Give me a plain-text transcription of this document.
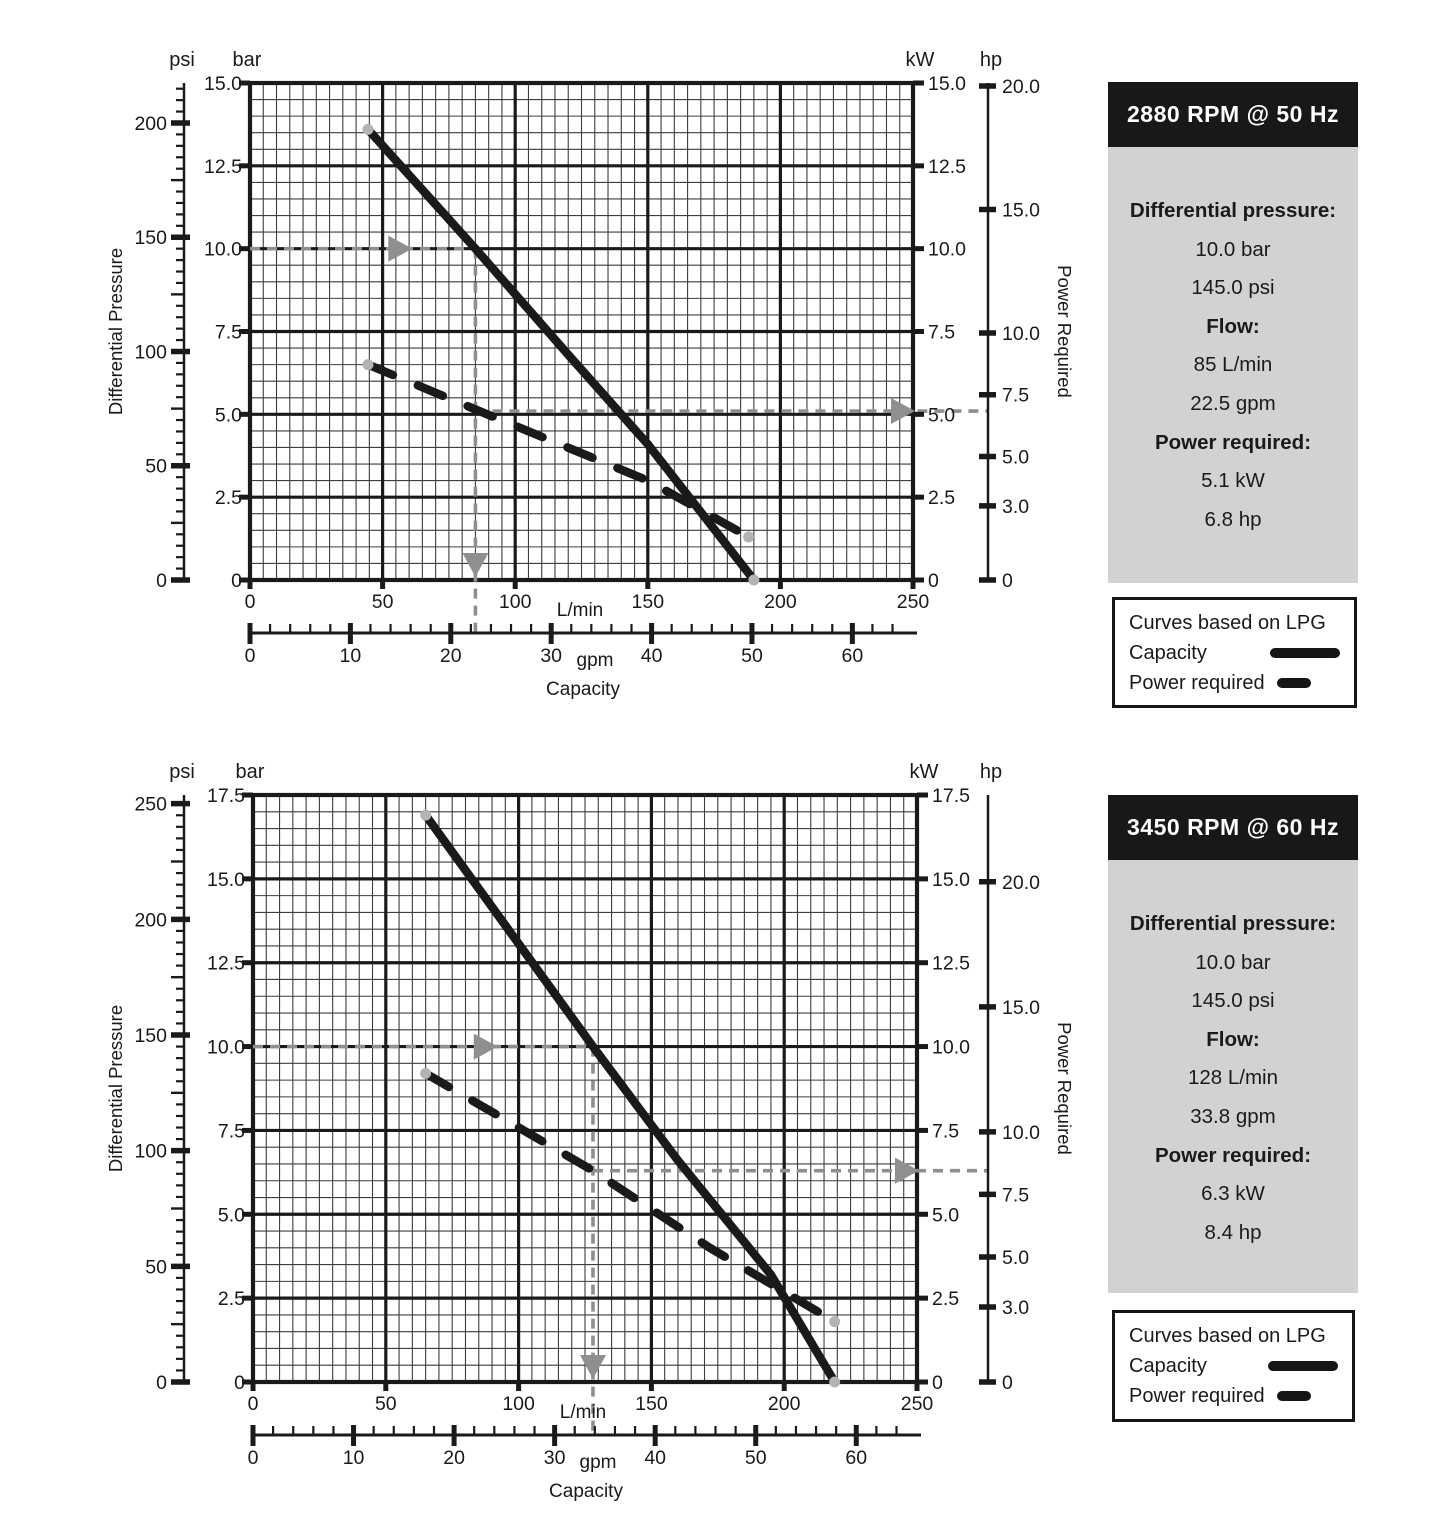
0
2.5
5.0
7.5
10.0
12.5
15.0
0
2.5
5.0
7.5
10.0
12.5
15.0
0	50	100	150	200	250
L/min
0
50
100
150
200
0
3.0
5.0
7.5
10.0
15.0
20.0
0	10	20	30	40	50	60
gpm
Capacity
psi bar	kW hp
Differential Pressure	Power Required
0
2.5
5.0
7.5
10.0
12.5
15.0
17.5
0
2.5
5.0
7.5
10.0
12.5
15.0
17.5
0	50	100	150	200	250
L/min
0
50
100
150
200
250
0
3.0
5.0
7.5
10.0
15.0
20.0
0	10	20	30	40	50	60
gpm
Capacity
psi bar	kW hp
Differential Pressure	Power Required
2880 RPM @ 50 Hz
Differential pressure:
10.0 bar
145.0 psi
Flow:
85 L/min
22.5 gpm
Power required:
5.1 kW
6.8 hp
Curves based on LPG
Capacity
Power required
3450 RPM @ 60 Hz
Differential pressure:
10.0 bar
145.0 psi
Flow:
128 L/min
33.8 gpm
Power required:
6.3 kW
8.4 hp
Curves based on LPG
Capacity
Power required
